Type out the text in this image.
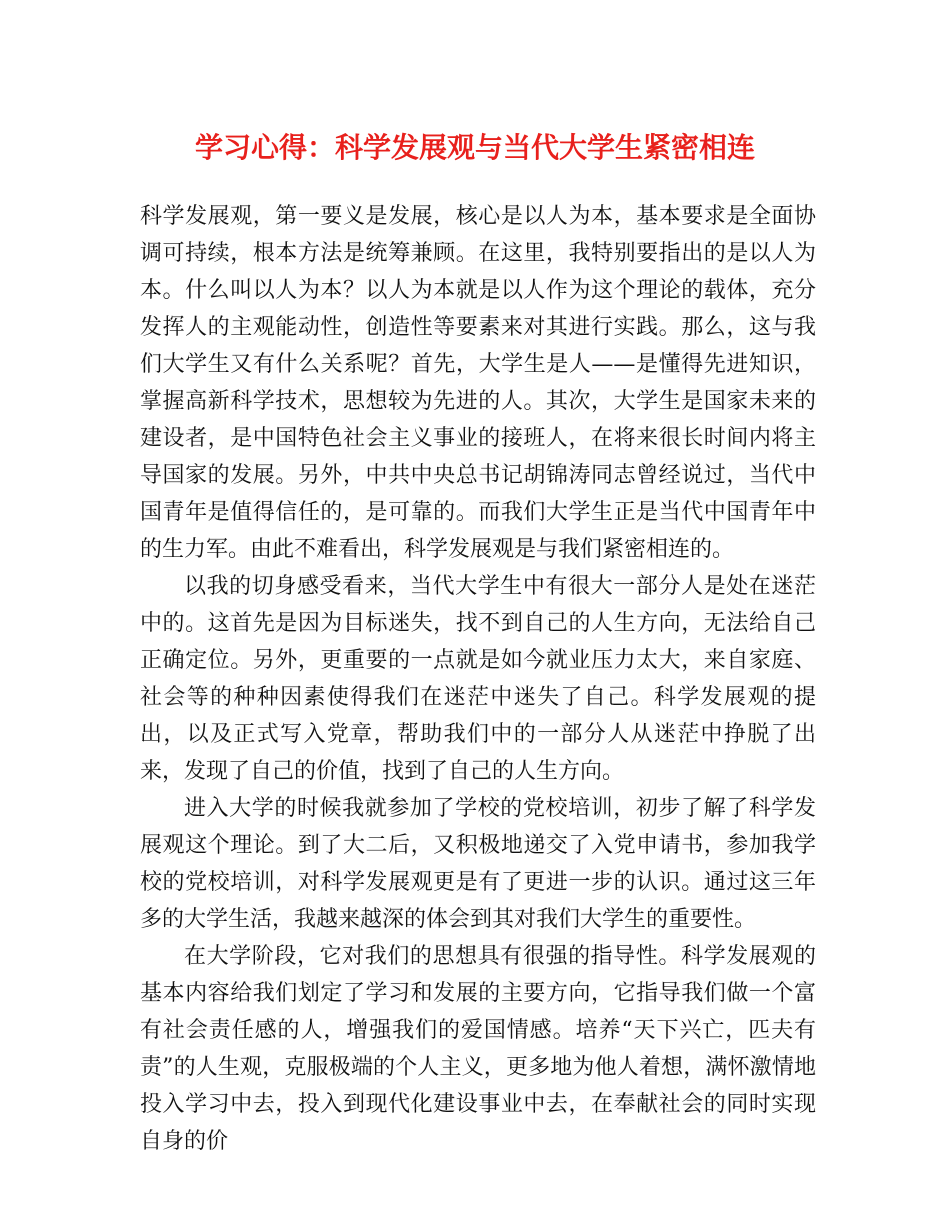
学习心得：科学发展观与当代大学生紧密相连

科学发展观，第一要义是发展，核心是以人为本，基本要求是全面协调可持续，根本方法是统筹兼顾。在这里，我特别要指出的是以人为本。什么叫以人为本？以人为本就是以人作为这个理论的载体，充分发挥人的主观能动性，创造性等要素来对其进行实践。那么，这与我们大学生又有什么关系呢？首先，大学生是人——是懂得先进知识，掌握高新科学技术，思想较为先进的人。其次，大学生是国家未来的建设者，是中国特色社会主义事业的接班人，在将来很长时间内将主导国家的发展。另外，中共中央总书记胡锦涛同志曾经说过，当代中国青年是值得信任的，是可靠的。而我们大学生正是当代中国青年中的生力军。由此不难看出，科学发展观是与我们紧密相连的。

以我的切身感受看来，当代大学生中有很大一部分人是处在迷茫中的。这首先是因为目标迷失，找不到自己的人生方向，无法给自己正确定位。另外，更重要的一点就是如今就业压力太大，来自家庭、社会等的种种因素使得我们在迷茫中迷失了自己。科学发展观的提出，以及正式写入党章，帮助我们中的一部分人从迷茫中挣脱了出来，发现了自己的价值，找到了自己的人生方向。

进入大学的时候我就参加了学校的党校培训，初步了解了科学发展观这个理论。到了大二后，又积极地递交了入党申请书，参加我学校的党校培训，对科学发展观更是有了更进一步的认识。通过这三年多的大学生活，我越来越深的体会到其对我们大学生的重要性。

在大学阶段，它对我们的思想具有很强的指导性。科学发展观的基本内容给我们划定了学习和发展的主要方向，它指导我们做一个富有社会责任感的人，增强我们的爱国情感。培养“天下兴亡，匹夫有责”的人生观，克服极端的个人主义，更多地为他人着想，满怀激情地投入学习中去，投入到现代化建设事业中去，在奉献社会的同时实现自身的价
